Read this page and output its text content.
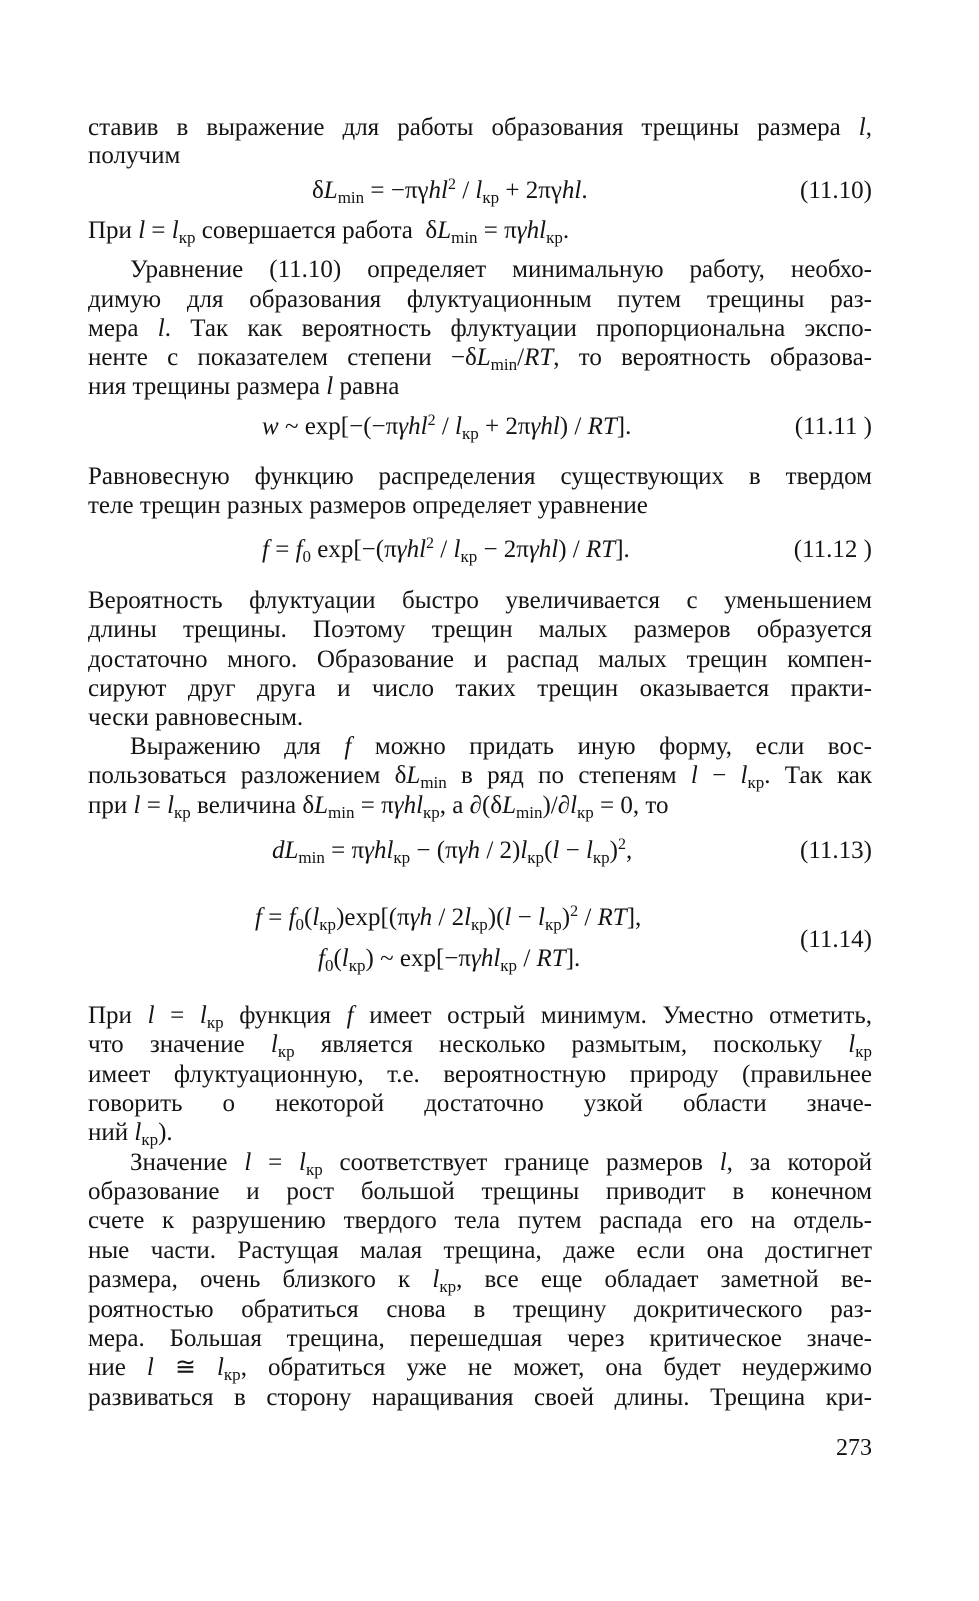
ставив в выражение для работы образования трещины размера l,
получим
$\delta L_{min} = -\pi\gamma hl^2 / l_{кр} + 2\pi\gamma hl$.	(11.10)
При $l = l_{кр}$ совершается работа  $\delta L_{min} = \pi\gamma hl_{кр}$.
Уравнение (11.10) определяет минимальную работу, необхо-
димую для образования флуктуационным путем трещины раз-
мера l. Так как вероятность флуктуации пропорциональна экспо-
ненте с показателем степени $-\delta L_{min}/RT$, то вероятность образова-
ния трещины размера l равна
w ~ $\exp[-(-\pi\gamma hl^2 / l_{кр} + 2\pi\gamma hl) / RT]$.	(11.11 )
Равновесную функцию распределения существующих в твердом
теле трещин разных размеров определяет уравнение
$f = f_0$ $\exp[-(\pi\gamma hl^2 / l_{кр} - 2\pi\gamma hl) / RT]$.	(11.12 )
Вероятность флуктуации быстро увеличивается с уменьшением
длины трещины. Поэтому трещин малых размеров образуется
достаточно много. Образование и распад малых трещин компен-
сируют друг друга и число таких трещин оказывается практи-
чески равновесным.
Выражению для f можно придать иную форму, если вос-
пользоваться разложением $\delta L_{min}$ в ряд по степеням $l - l_{кр}$. Так как
при $l = l_{кр}$ величина $\delta L_{min} = \pi\gamma hl_{кр}$, а $\partial(\delta L_{min})/\partial l_{кр} = 0$, то
$dL_{min} = \pi\gamma hl_{кр} - (\pi\gamma h / 2)l_{кр}(l - l_{кр})^2$,	(11.13)
$f = f_0(l_{кр})\exp[(\pi\gamma h / 2l_{кр})(l - l_{кр})^2 / RT]$,
$f_0(l_{кр})$ ~ exp[−πγhl$_{кр}$ / RT].
(11.14)
При $l = l_{кр}$ функция f имеет острый минимум. Уместно отметить,
что значение $l_{кр}$ является несколько размытым, поскольку $l_{кр}$
имеет флуктуационную, т.е. вероятностную природу (правильнее
говорить о некоторой достаточно узкой области значе-
ний $l_{кр}$).
Значение $l = l_{кр}$ соответствует границе размеров l, за которой
образование и рост большой трещины приводит в конечном
счете к разрушению твердого тела путем распада его на отдель-
ные части. Растущая малая трещина, даже если она достигнет
размера, очень близкого к $l_{кр}$, все еще обладает заметной ве-
роятностью обратиться снова в трещину докритического раз-
мера. Большая трещина, перешедшая через критическое значе-
ние l ≅ $l_{кр}$, обратиться уже не может, она будет неудержимо
развиваться в сторону наращивания своей длины. Трещина кри-
273
